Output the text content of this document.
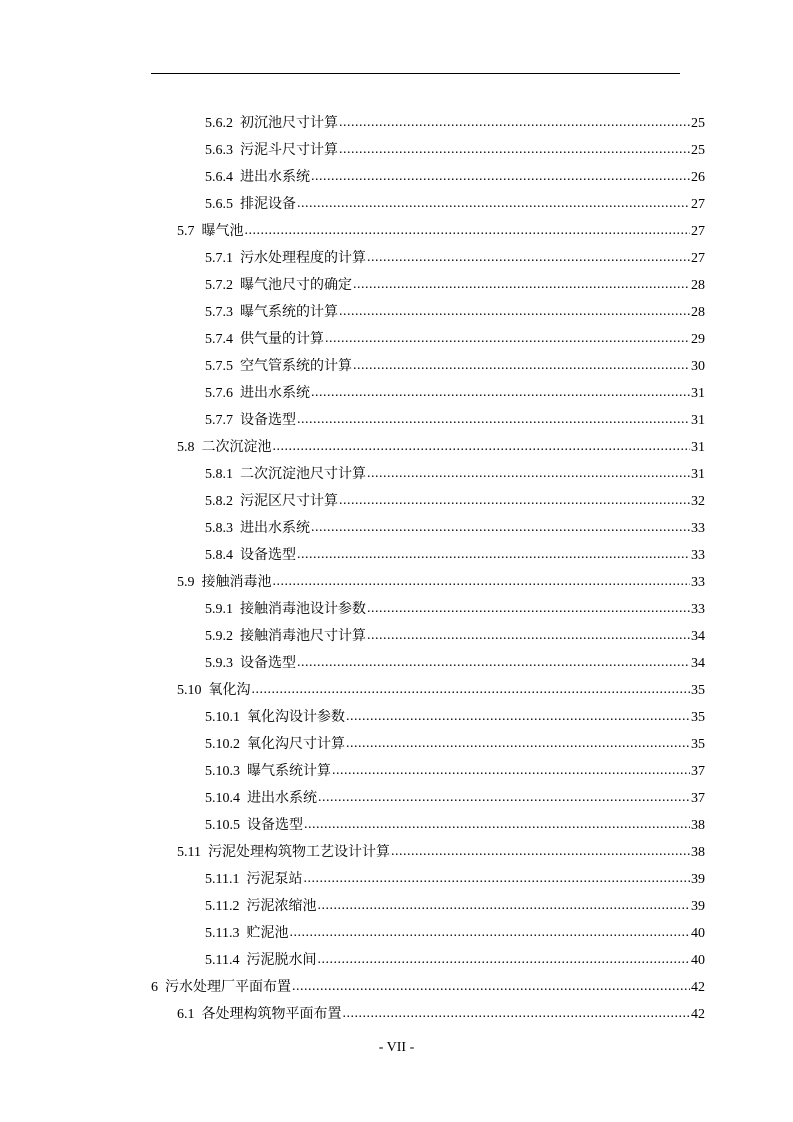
5.6.2 初沉池尺寸计算 .....	25
5.6.3 污泥斗尺寸计算 .....	25
5.6.4 进出水系统 .....	26
5.6.5 排泥设备 .....	27
5.7 曝气池 .....	27
5.7.1 污水处理程度的计算 .....	27
5.7.2 曝气池尺寸的确定 .....	28
5.7.3 曝气系统的计算 .....	28
5.7.4 供气量的计算 .....	29
5.7.5 空气管系统的计算 .....	30
5.7.6 进出水系统 .....	31
5.7.7 设备选型 .....	31
5.8 二次沉淀池 .....	31
5.8.1 二次沉淀池尺寸计算 .....	31
5.8.2 污泥区尺寸计算 .....	32
5.8.3 进出水系统 .....	33
5.8.4 设备选型 .....	33
5.9 接触消毒池 .....	33
5.9.1 接触消毒池设计参数 .....	33
5.9.2 接触消毒池尺寸计算 .....	34
5.9.3 设备选型 .....	34
5.10 氧化沟 .....	35
5.10.1 氧化沟设计参数 .....	35
5.10.2 氧化沟尺寸计算 .....	35
5.10.3 曝气系统计算 .....	37
5.10.4 进出水系统 .....	37
5.10.5 设备选型 .....	38
5.11 污泥处理构筑物工艺设计计算 .....	38
5.11.1 污泥泵站 .....	39
5.11.2 污泥浓缩池 .....	39
5.11.3 贮泥池 .....	40
5.11.4 污泥脱水间 .....	40
6 污水处理厂平面布置 .....	42
6.1 各处理构筑物平面布置 .....	42
- VII -
